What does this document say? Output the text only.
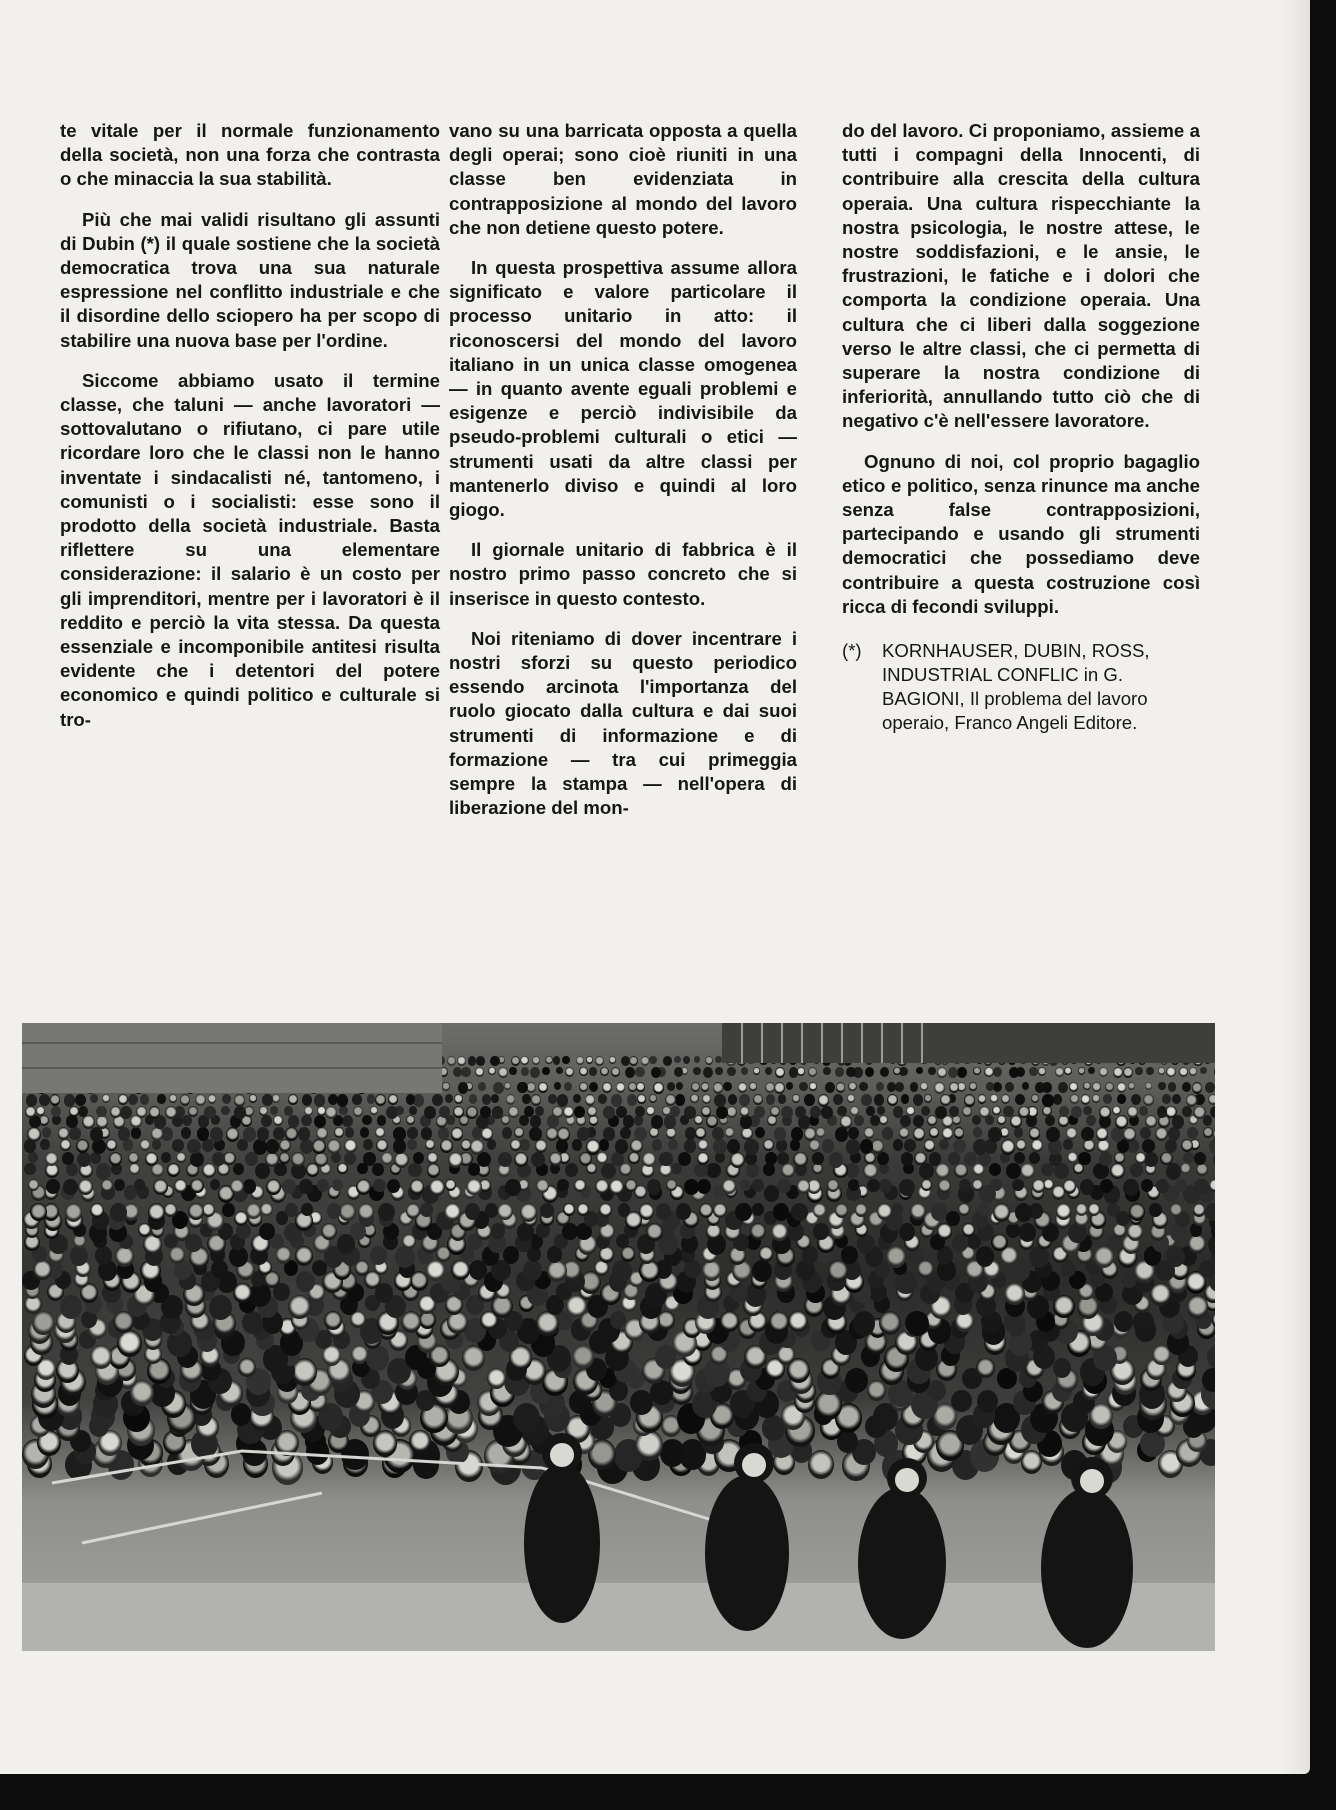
te vitale per il normale funzionamento della società, non una forza che contrasta o che minaccia la sua stabilità.

Più che mai validi risultano gli assunti di Dubin (*) il quale sostiene che la società democratica trova una sua naturale espressione nel conflitto industriale e che il disordine dello sciopero ha per scopo di stabilire una nuova base per l'ordine.

Siccome abbiamo usato il termine classe, che taluni — anche lavoratori — sottovalutano o rifiutano, ci pare utile ricordare loro che le classi non le hanno inventate i sindacalisti né, tantomeno, i comunisti o i socialisti: esse sono il prodotto della società industriale. Basta riflettere su una elementare considerazione: il salario è un costo per gli imprenditori, mentre per i lavoratori è il reddito e perciò la vita stessa. Da questa essenziale e incomponibile antitesi risulta evidente che i detentori del potere economico e quindi politico e culturale si tro-

vano su una barricata opposta a quella degli operai; sono cioè riuniti in una classe ben evidenziata in contrapposizione al mondo del lavoro che non detiene questo potere.

In questa prospettiva assume allora significato e valore particolare il processo unitario in atto: il riconoscersi del mondo del lavoro italiano in un unica classe omogenea — in quanto avente eguali problemi e esigenze e perciò indivisibile da pseudo-problemi culturali o etici — strumenti usati da altre classi per mantenerlo diviso e quindi al loro giogo.

Il giornale unitario di fabbrica è il nostro primo passo concreto che si inserisce in questo contesto.

Noi riteniamo di dover incentrare i nostri sforzi su questo periodico essendo arcinota l'importanza del ruolo giocato dalla cultura e dai suoi strumenti di informazione e di formazione — tra cui primeggia sempre la stampa — nell'opera di liberazione del mon-

do del lavoro. Ci proponiamo, assieme a tutti i compagni della Innocenti, di contribuire alla crescita della cultura operaia. Una cultura rispecchiante la nostra psicologia, le nostre attese, le nostre soddisfazioni, e le ansie, le frustrazioni, le fatiche e i dolori che comporta la condizione operaia. Una cultura che ci liberi dalla soggezione verso le altre classi, che ci permetta di superare la nostra condizione di inferiorità, annullando tutto ciò che di negativo c'è nell'essere lavoratore.

Ognuno di noi, col proprio bagaglio etico e politico, senza rinunce ma anche senza false contrapposizioni, partecipando e usando gli strumenti democratici che possediamo deve contribuire a questa costruzione così ricca di fecondi sviluppi.

(*)	KORNHAUSER, DUBIN, ROSS, INDUSTRIAL CONFLIC in G. BAGIONI, Il problema del lavoro operaio, Franco Angeli Editore.
